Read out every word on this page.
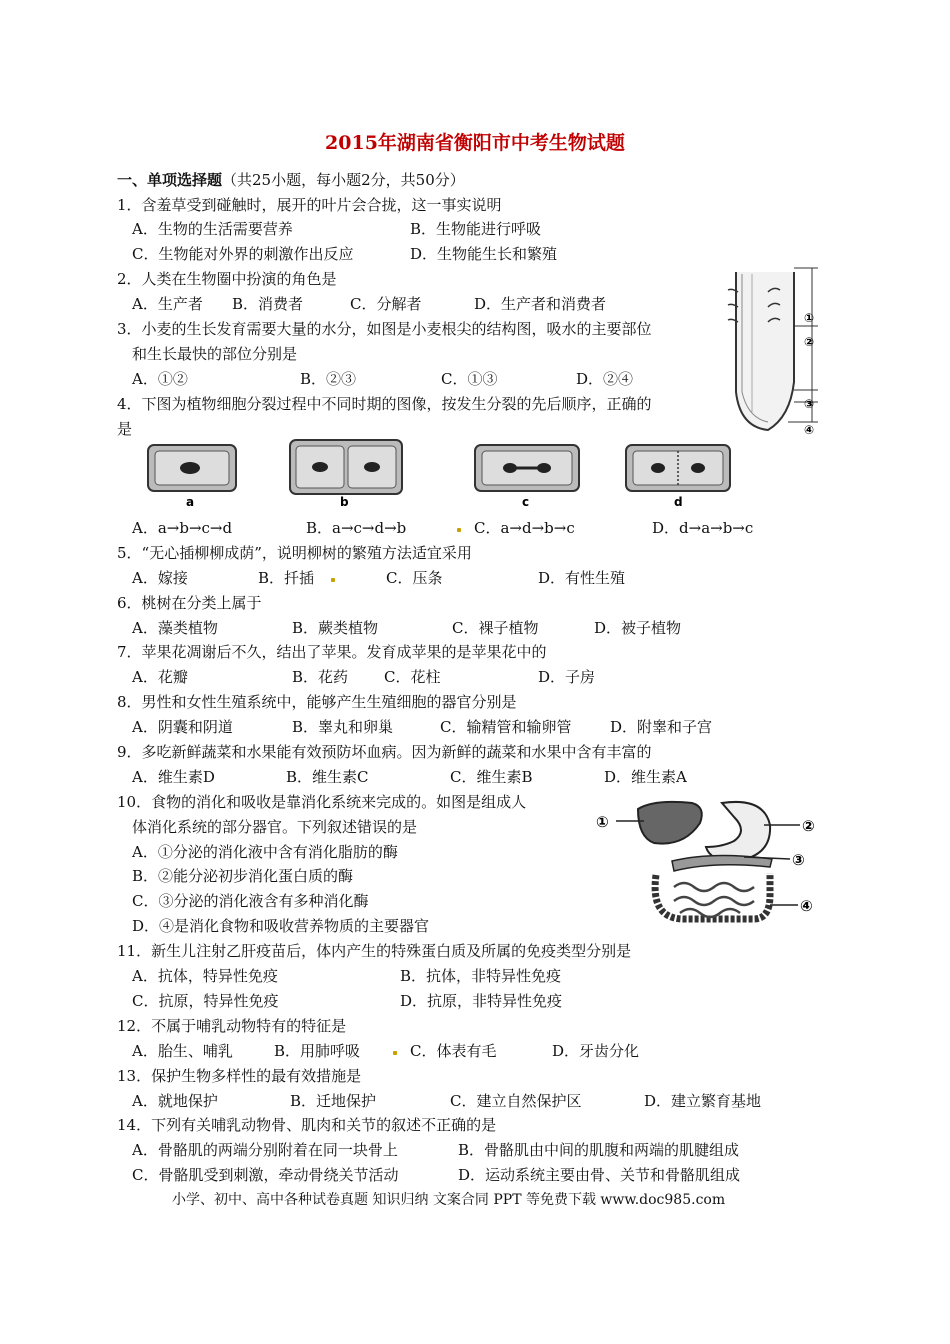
2015年湖南省衡阳市中考生物试题
一、单项选择题（共25小题，每小题2分，共50分）
1．含羞草受到碰触时，展开的叶片会合拢，这一事实说明
A．生物的生活需要营养	B．生物能进行呼吸
C．生物能对外界的刺激作出反应	D．生物能生长和繁殖
2．人类在生物圈中扮演的角色是
A．生产者 B．消费者	C．分解者	D．生产者和消费者
3．小麦的生长发育需要大量的水分，如图是小麦根尖的结构图，吸水的主要部位
和生长最快的部位分别是
A．①②	B．②③	C．①③	D．②④
①
②
③
④
4．下图为植物细胞分裂过程中不同时期的图像，按发生分裂的先后顺序，正确的
是
a	b	c	d
A．a→b→c→d	B．a→c→d→b	C．a→d→b→c	D．d→a→b→c
5．“无心插柳柳成荫”，说明柳树的繁殖方法适宜采用
A．嫁接	B．扦插	C．压条	D．有性生殖
6．桃树在分类上属于
A．藻类植物	B．蕨类植物	C．裸子植物	D．被子植物
7．苹果花凋谢后不久，结出了苹果。发育成苹果的是苹果花中的
A．花瓣	B．花药 C．花柱	D．子房
8．男性和女性生殖系统中，能够产生生殖细胞的器官分别是
A．阴囊和阴道	B．睾丸和卵巢	C．输精管和输卵管	D．附睾和子宫
9．多吃新鲜蔬菜和水果能有效预防坏血病。因为新鲜的蔬菜和水果中含有丰富的
A．维生素D	B．维生素C	C．维生素B	D．维生素A
10．食物的消化和吸收是靠消化系统来完成的。如图是组成人
体消化系统的部分器官。下列叙述错误的是
A．①分泌的消化液中含有消化脂肪的酶
B．②能分泌初步消化蛋白质的酶
C．③分泌的消化液含有多种消化酶
D．④是消化食物和吸收营养物质的主要器官
①	②
③
④
11．新生儿注射乙肝疫苗后，体内产生的特殊蛋白质及所属的免疫类型分别是
A．抗体，特异性免疫	B．抗体，非特异性免疫
C．抗原，特异性免疫	D．抗原，非特异性免疫
12．不属于哺乳动物特有的特征是
A．胎生、哺乳	B．用肺呼吸	C．体表有毛	D．牙齿分化
13．保护生物多样性的最有效措施是
A．就地保护	B．迁地保护	C．建立自然保护区	D．建立繁育基地
14．下列有关哺乳动物骨、肌肉和关节的叙述不正确的是
A．骨骼肌的两端分别附着在同一块骨上	B．骨骼肌由中间的肌腹和两端的肌腱组成
C．骨骼肌受到刺激，牵动骨绕关节活动	D．运动系统主要由骨、关节和骨骼肌组成
小学、初中、高中各种试卷真题 知识归纳 文案合同 PPT 等免费下载 www.doc985.com
